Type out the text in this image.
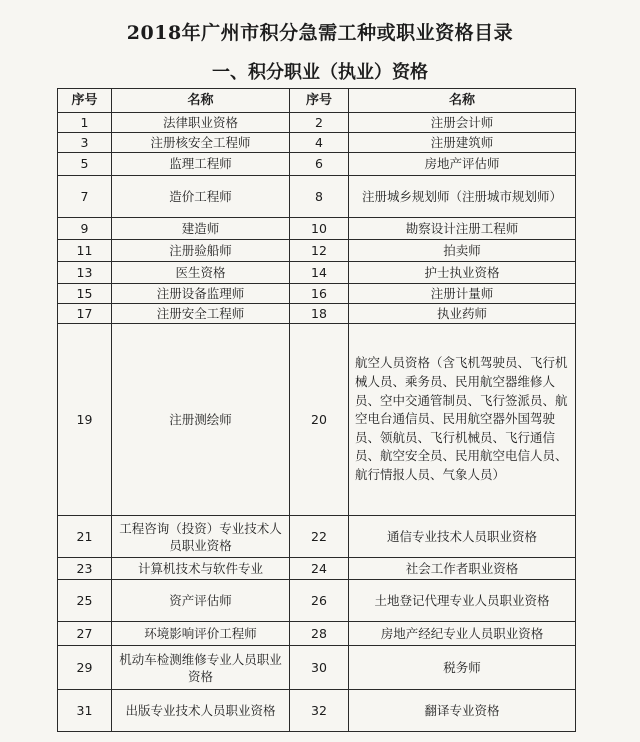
2018年广州市积分急需工种或职业资格目录
一、积分职业（执业）资格
序号	名称	序号	名称
1	法律职业资格	2	注册会计师
3	注册核安全工程师	4	注册建筑师
5	监理工程师	6	房地产评估师
7	造价工程师	8	注册城乡规划师（注册城市规划师）
9	建造师	10	勘察设计注册工程师
11	注册验船师	12	拍卖师
13	医生资格	14	护士执业资格
15	注册设备监理师	16	注册计量师
17	注册安全工程师	18	执业药师
19	注册测绘师	20	航空人员资格（含飞机驾驶员、飞行机械人员、乘务员、民用航空器维修人员、空中交通管制员、飞行签派员、航空电台通信员、民用航空器外国驾驶员、领航员、飞行机械员、飞行通信员、航空安全员、民用航空电信人员、航行情报人员、气象人员）
21	工程咨询（投资）专业技术人员职业资格	22	通信专业技术人员职业资格
23	计算机技术与软件专业	24	社会工作者职业资格
25	资产评估师	26	土地登记代理专业人员职业资格
27	环境影响评价工程师	28	房地产经纪专业人员职业资格
29	机动车检测维修专业人员职业资格	30	税务师
31	出版专业技术人员职业资格	32	翻译专业资格
